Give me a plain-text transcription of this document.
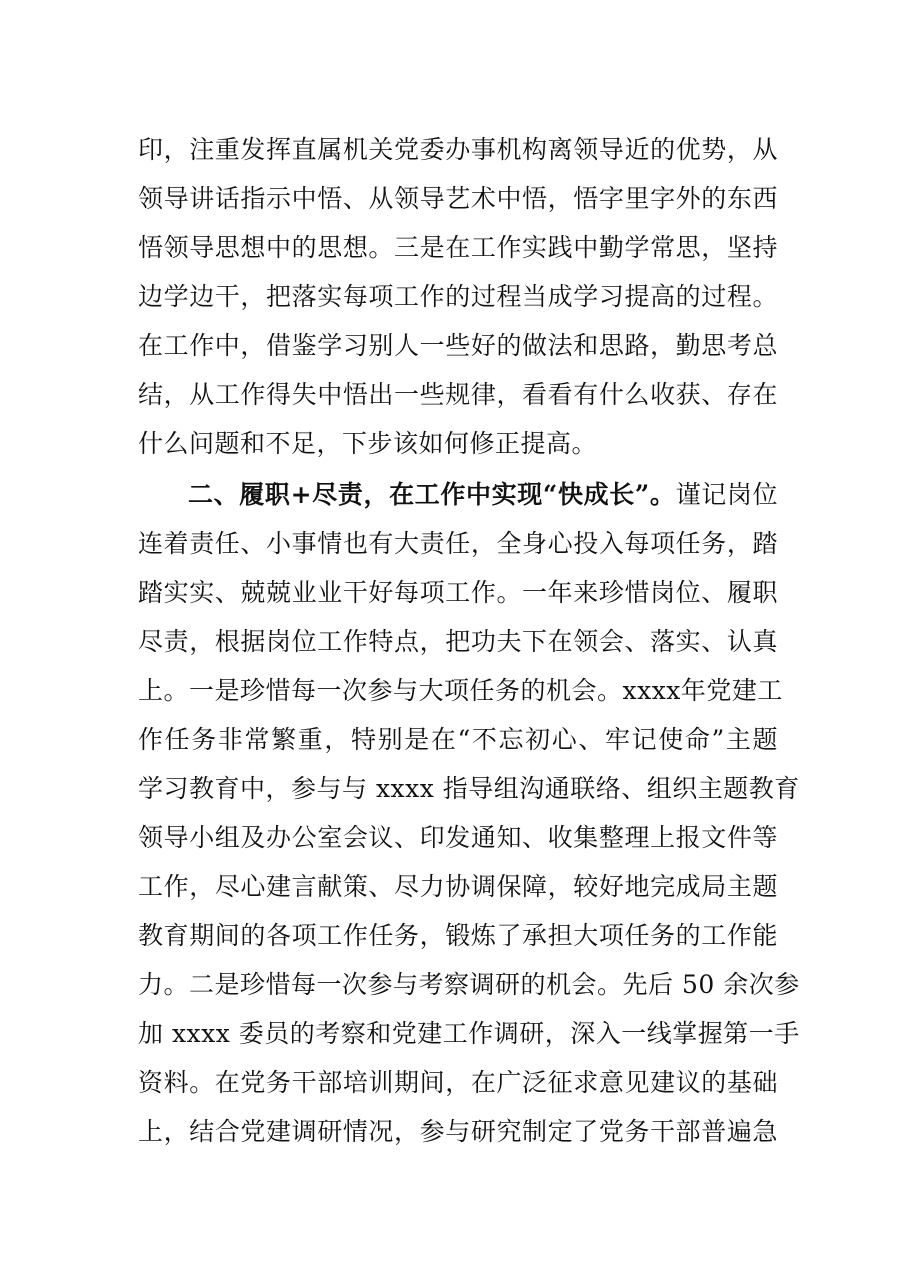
印，注重发挥直属机关党委办事机构离领导近的优势，从
领导讲话指示中悟、从领导艺术中悟，悟字里字外的东西
悟领导思想中的思想。三是在工作实践中勤学常思，坚持
边学边干，把落实每项工作的过程当成学习提高的过程。
在工作中，借鉴学习别人一些好的做法和思路，勤思考总
结，从工作得失中悟出一些规律，看看有什么收获、存在
什么问题和不足，下步该如何修正提高。
二、履职+尽责，在工作中实现“快成长”。谨记岗位
连着责任、小事情也有大责任，全身心投入每项任务，踏
踏实实、兢兢业业干好每项工作。一年来珍惜岗位、履职
尽责，根据岗位工作特点，把功夫下在领会、落实、认真
上。一是珍惜每一次参与大项任务的机会。xxxx年党建工
作任务非常繁重，特别是在“不忘初心、牢记使命”主题
学习教育中，参与与 xxxx 指导组沟通联络、组织主题教育
领导小组及办公室会议、印发通知、收集整理上报文件等
工作，尽心建言献策、尽力协调保障，较好地完成局主题
教育期间的各项工作任务，锻炼了承担大项任务的工作能
力。二是珍惜每一次参与考察调研的机会。先后 50 余次参
加 xxxx 委员的考察和党建工作调研，深入一线掌握第一手
资料。在党务干部培训期间，在广泛征求意见建议的基础
上，结合党建调研情况，参与研究制定了党务干部普遍急
